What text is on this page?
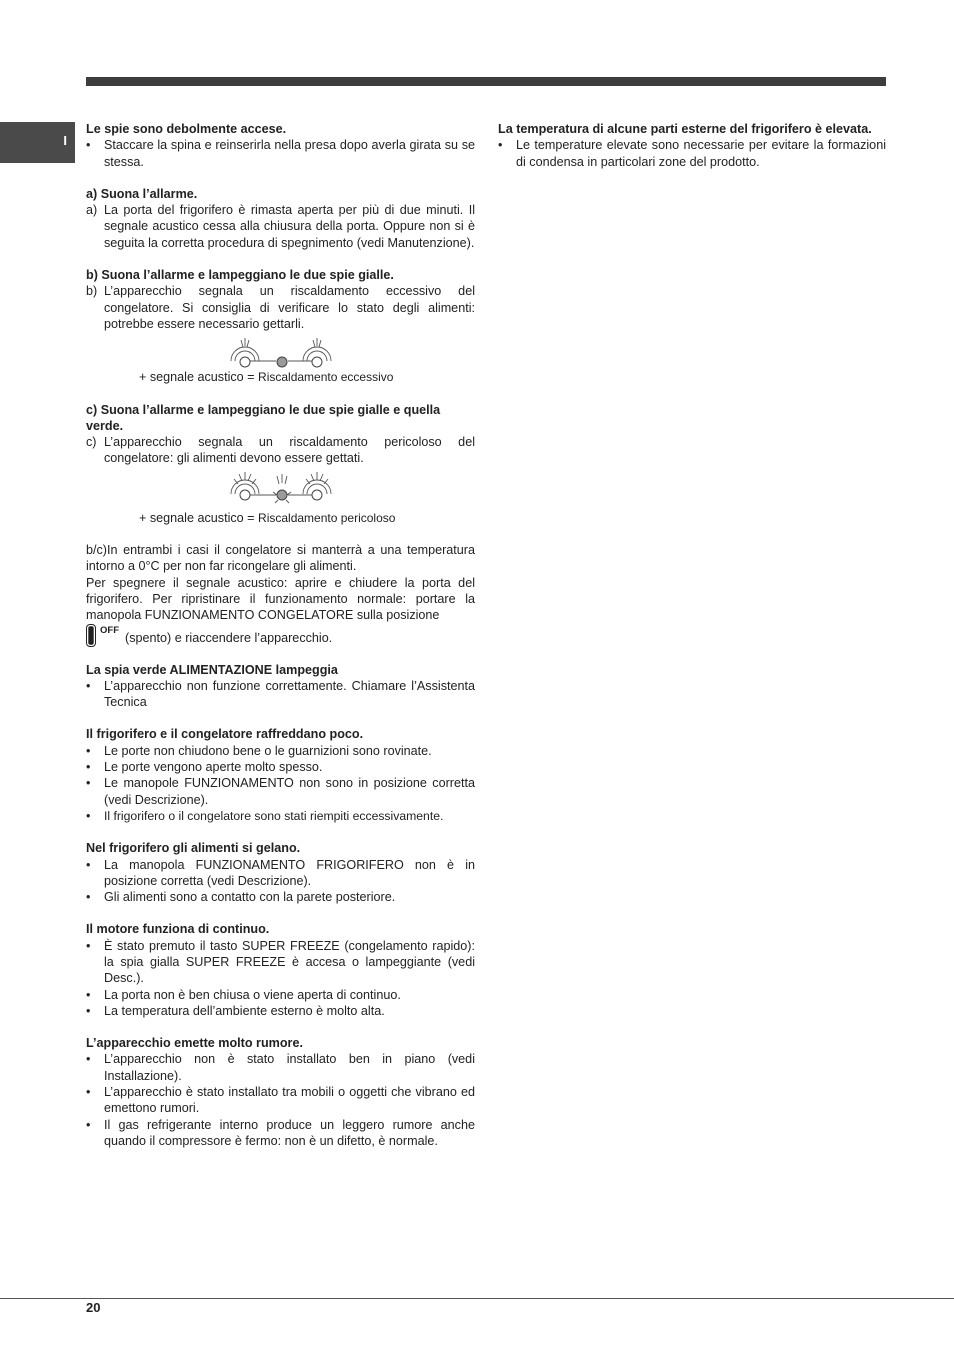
I
Le spie sono debolmente accese.
• Staccare la spina e reinserirla nella presa dopo averla girata su se stessa.
a) Suona l’allarme.
a) La porta del frigorifero è rimasta aperta per più di due minuti. Il segnale acustico cessa alla chiusura della porta. Oppure non si è seguita la corretta procedura di spegnimento (vedi Manutenzione).
b) Suona l’allarme e lampeggiano le due spie gialle.
b) L’apparecchio segnala un riscaldamento eccessivo del congelatore. Si consiglia di verificare lo stato degli alimenti: potrebbe essere necessario gettarli.
+ segnale acustico = Riscaldamento eccessivo
c) Suona l’allarme e lampeggiano le due spie gialle e quella verde.
c) L’apparecchio segnala un riscaldamento pericoloso del congelatore: gli alimenti devono essere gettati.
+ segnale acustico = Riscaldamento pericoloso

b/c)In entrambi i casi il congelatore si manterrà a una temperatura intorno a 0°C per non far ricongelare gli alimenti.

Per spegnere il segnale acustico: aprire e chiudere la porta del frigorifero. Per ripristinare il funzionamento normale: portare la manopola FUNZIONAMENTO CONGELATORE sulla posizione

OFF
(spento) e riaccendere l’apparecchio.
La spia verde ALIMENTAZIONE lampeggia
• L’apparecchio non funzione correttamente. Chiamare l’Assistenta Tecnica
Il frigorifero e il congelatore raffreddano poco.
• Le porte non chiudono bene o le guarnizioni sono rovinate.
• Le porte vengono aperte molto spesso.
• Le manopole FUNZIONAMENTO non sono in posizione corretta (vedi Descrizione).
• Il frigorifero o il congelatore sono stati riempiti eccessivamente.
Nel frigorifero gli alimenti si gelano.
• La manopola FUNZIONAMENTO FRIGORIFERO non è in posizione corretta (vedi Descrizione).
• Gli alimenti sono a contatto con la parete posteriore.
Il motore funziona di continuo.
• È stato premuto il tasto SUPER FREEZE (congelamento rapido): la spia gialla SUPER FREEZE è accesa o lampeggiante (vedi Desc.).
• La porta non è ben chiusa o viene aperta di continuo.
• La temperatura dell’ambiente esterno è molto alta.
L’apparecchio emette molto rumore.
• L’apparecchio non è stato installato ben in piano (vedi Installazione).
• L’apparecchio è stato installato tra mobili o oggetti che vibrano ed emettono rumori.
• Il gas refrigerante interno produce un leggero rumore anche quando il compressore è fermo: non è un difetto, è normale.
La temperatura di alcune parti esterne del frigorifero è elevata.
• Le temperature elevate sono necessarie per evitare la formazioni di condensa in particolari zone del prodotto.
20
